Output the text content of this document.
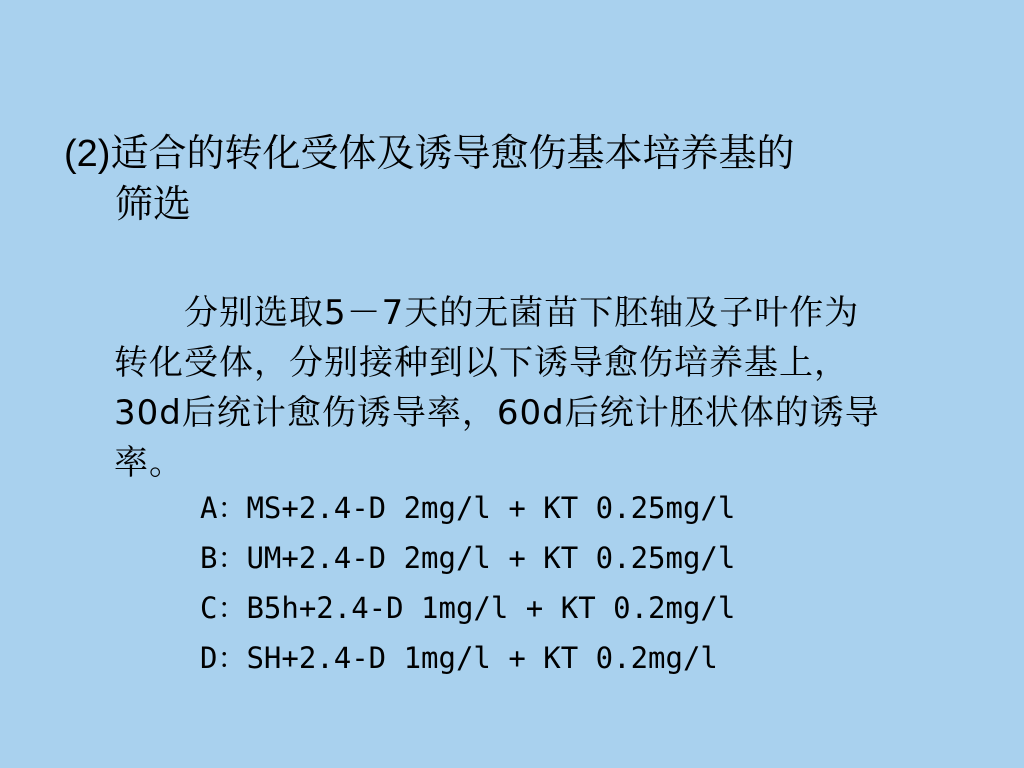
(2)适合的转化受体及诱导愈伤基本培养基的
筛选
分别选取5－7天的无菌苗下胚轴及子叶作为
转化受体，分别接种到以下诱导愈伤培养基上，
30d后统计愈伤诱导率，60d后统计胚状体的诱导
率。
A：MS+2.4-D 2mg/l + KT 0.25mg/l
B：UM+2.4-D 2mg/l + KT 0.25mg/l
C：B5h+2.4-D 1mg/l + KT 0.2mg/l
D：SH+2.4-D 1mg/l + KT 0.2mg/l
